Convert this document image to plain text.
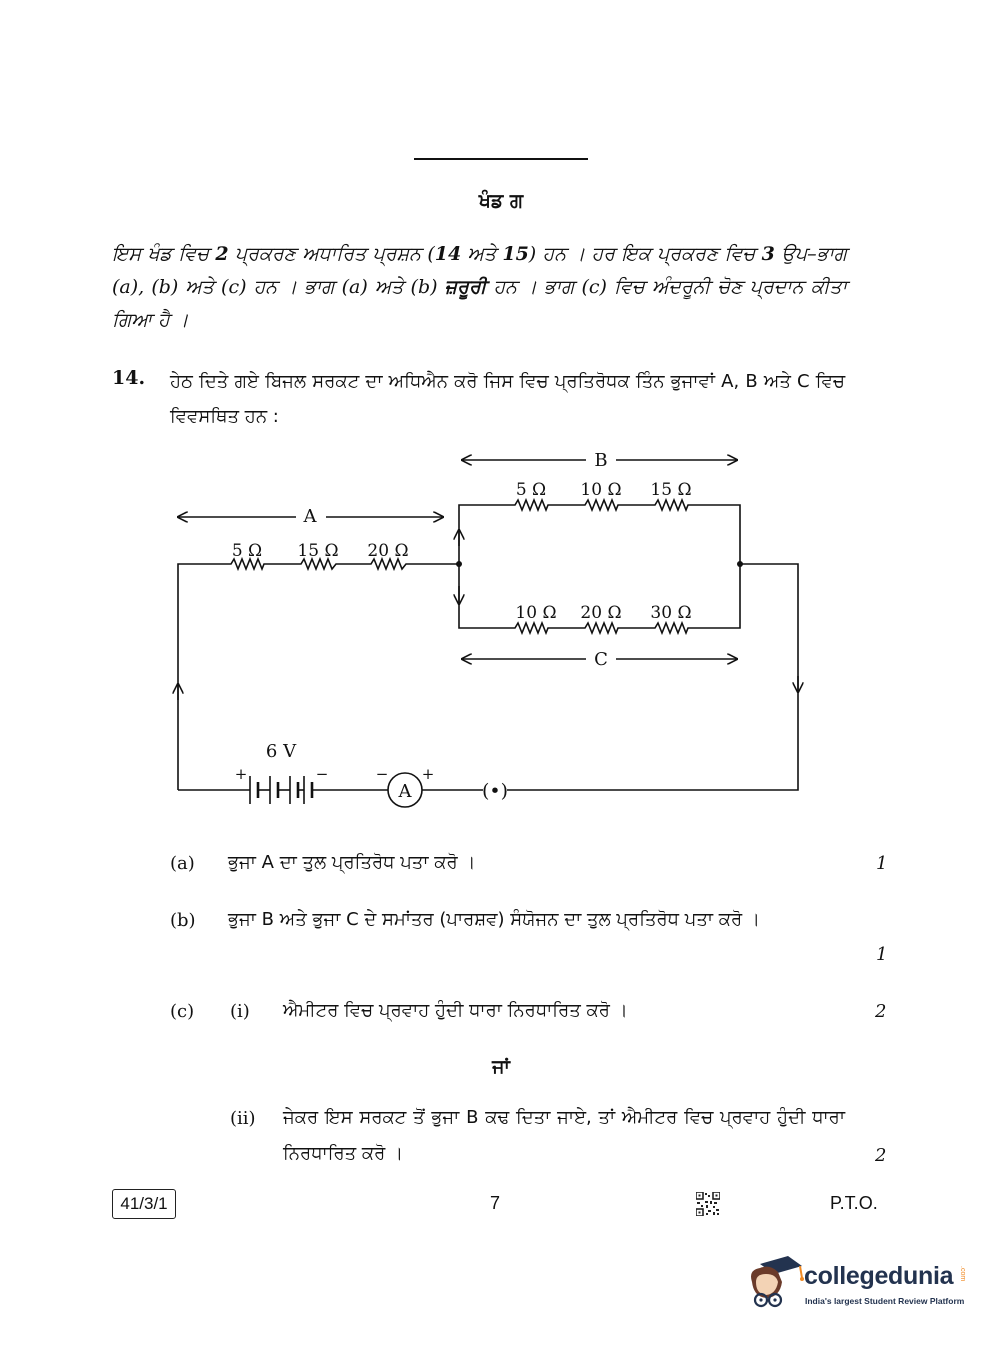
ਖੰਡ ਗ
ਇਸ ਖੰਡ ਵਿਚ 2 ਪ੍ਰਕਰਣ ਅਧਾਰਿਤ ਪ੍ਰਸ਼ਨ (14 ਅਤੇ 15) ਹਨ । ਹਰ ਇਕ ਪ੍ਰਕਰਣ ਵਿਚ 3 ਉਪ–ਭਾਗ (a), (b) ਅਤੇ (c) ਹਨ । ਭਾਗ (a) ਅਤੇ (b) ਜ਼ਰੂਰੀ ਹਨ । ਭਾਗ (c) ਵਿਚ ਅੰਦਰੂਨੀ ਚੋਣ ਪ੍ਰਦਾਨ ਕੀਤਾ ਗਿਆ ਹੈ ।
14. ਹੇਠ ਦਿਤੇ ਗਏ ਬਿਜਲ ਸਰਕਟ ਦਾ ਅਧਿਐਨ ਕਰੋ ਜਿਸ ਵਿਚ ਪ੍ਰਤਿਰੋਧਕ ਤਿੰਨ ਭੁਜਾਵਾਂ A, B ਅਤੇ C ਵਿਚ ਵਿਵਸਥਿਤ ਹਨ :
A
B
C
5 Ω 15 Ω 20 Ω
5 Ω 10 Ω 15 Ω
10 Ω 20 Ω 30 Ω
6 V
+	−
A
− +
(•)
(a) ਭੁਜਾ A ਦਾ ਤੁਲ ਪ੍ਰਤਿਰੋਧ ਪਤਾ ਕਰੋ ।	1
(b) ਭੁਜਾ B ਅਤੇ ਭੁਜਾ C ਦੇ ਸਮਾਂਤਰ (ਪਾਰਸ਼ਵ) ਸੰਯੋਜਨ ਦਾ ਤੁਲ ਪ੍ਰਤਿਰੋਧ ਪਤਾ ਕਰੋ ।
1
(c) (i) ਐਮੀਟਰ ਵਿਚ ਪ੍ਰਵਾਹ ਹੁੰਦੀ ਧਾਰਾ ਨਿਰਧਾਰਿਤ ਕਰੋ ।	2
ਜਾਂ
(ii) ਜੇਕਰ ਇਸ ਸਰਕਟ ਤੋਂ ਭੁਜਾ B ਕਢ ਦਿਤਾ ਜਾਏ, ਤਾਂ ਐਮੀਟਰ ਵਿਚ ਪ੍ਰਵਾਹ ਹੁੰਦੀ ਧਾਰਾ ਨਿਰਧਾਰਿਤ ਕਰੋ ।	2
41/3/1	7	P.T.O.
collegedunia .com
India's largest Student Review Platform
